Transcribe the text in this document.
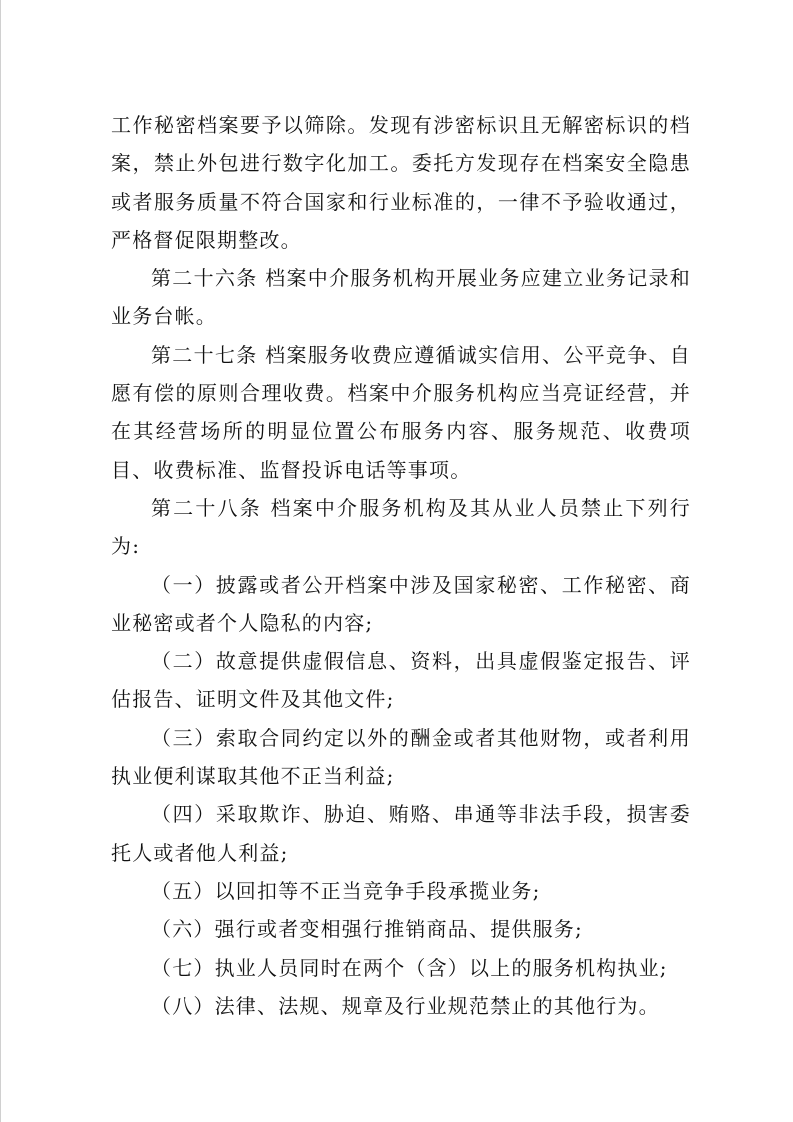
工作秘密档案要予以筛除。发现有涉密标识且无解密标识的档案，禁止外包进行数字化加工。委托方发现存在档案安全隐患或者服务质量不符合国家和行业标准的，一律不予验收通过，严格督促限期整改。

第二十六条 档案中介服务机构开展业务应建立业务记录和业务台帐。

第二十七条 档案服务收费应遵循诚实信用、公平竞争、自愿有偿的原则合理收费。档案中介服务机构应当亮证经营，并在其经营场所的明显位置公布服务内容、服务规范、收费项目、收费标准、监督投诉电话等事项。

第二十八条 档案中介服务机构及其从业人员禁止下列行为:

（一）披露或者公开档案中涉及国家秘密、工作秘密、商业秘密或者个人隐私的内容;

（二）故意提供虚假信息、资料，出具虚假鉴定报告、评估报告、证明文件及其他文件;

（三）索取合同约定以外的酬金或者其他财物，或者利用执业便利谋取其他不正当利益;

（四）采取欺诈、胁迫、贿赂、串通等非法手段，损害委托人或者他人利益;

（五）以回扣等不正当竞争手段承揽业务;

（六）强行或者变相强行推销商品、提供服务;

（七）执业人员同时在两个（含）以上的服务机构执业;

（八）法律、法规、规章及行业规范禁止的其他行为。
